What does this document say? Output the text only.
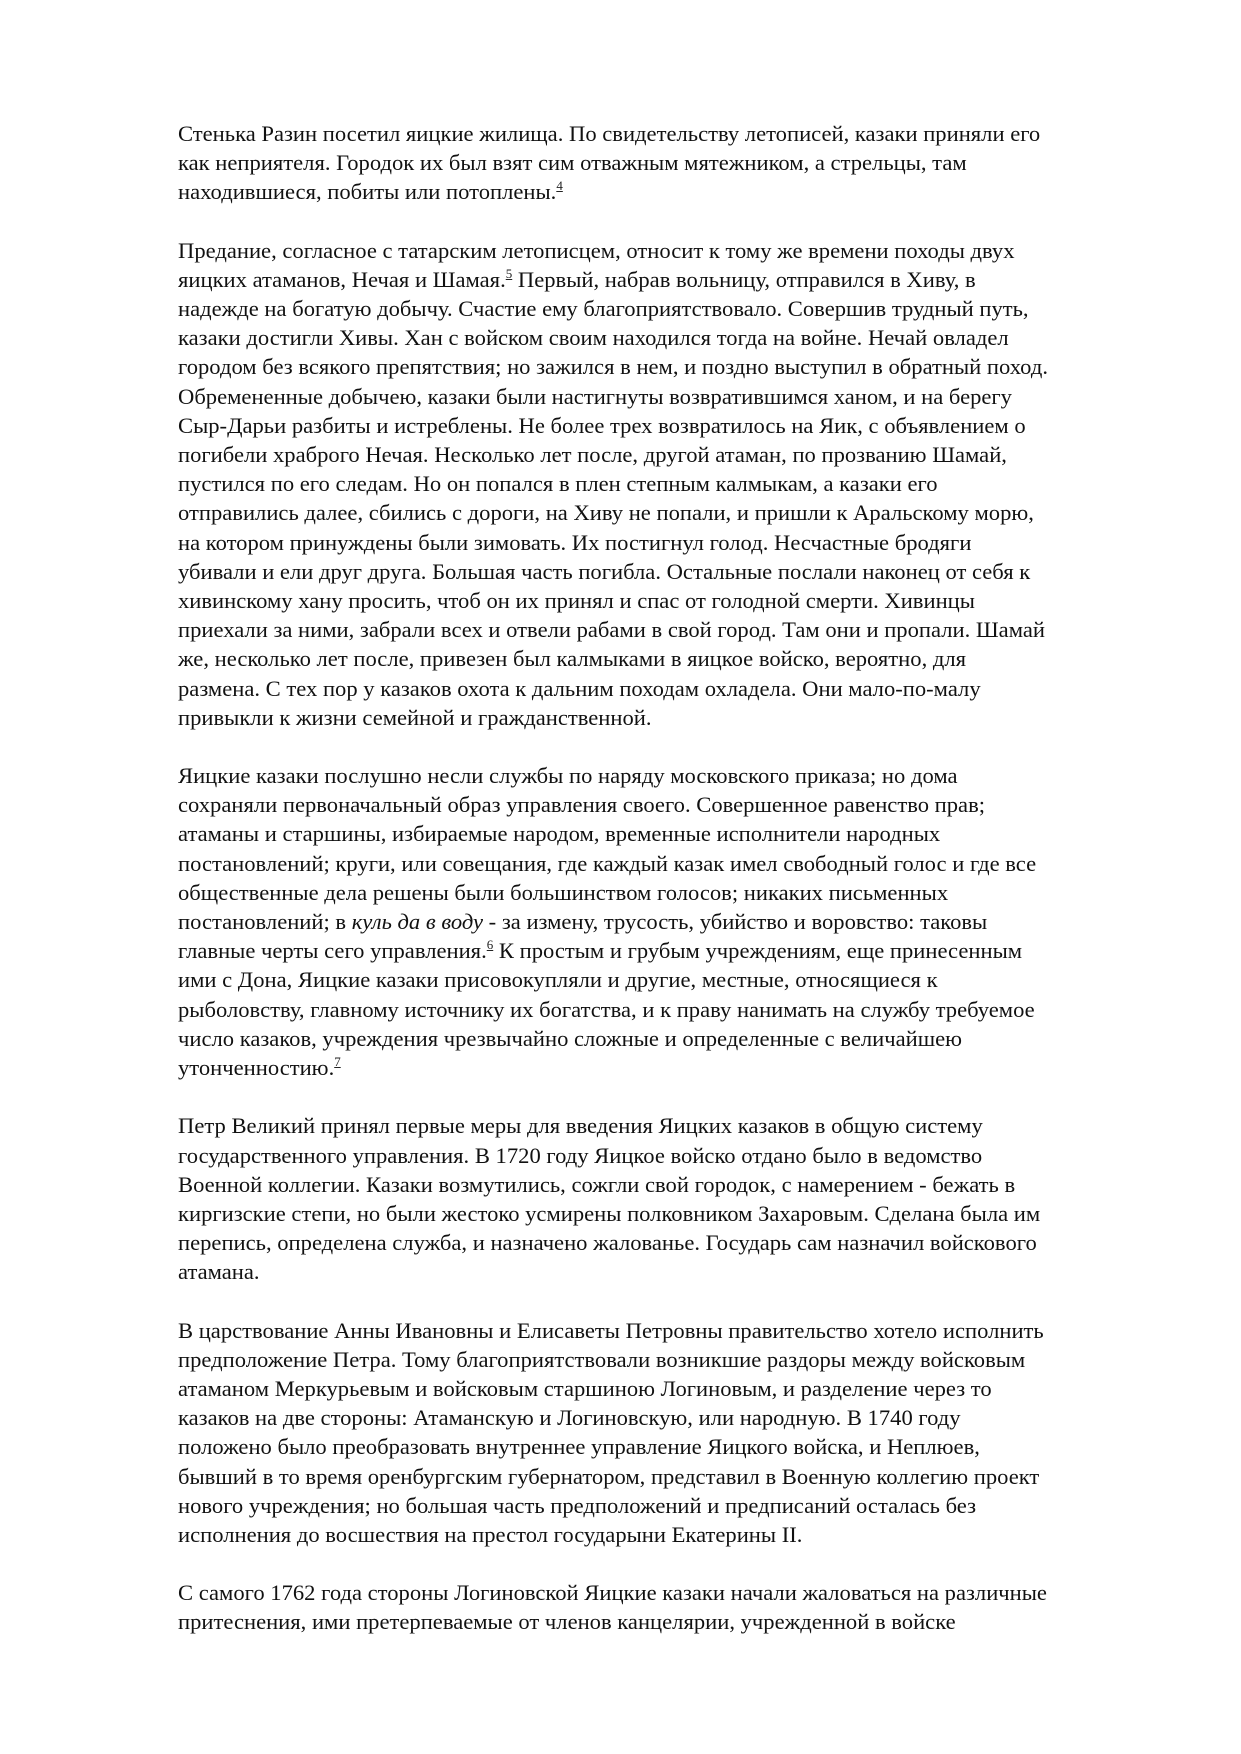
Стенька Разин посетил яицкие жилища. По свидетельству летописей, казаки приняли его
как неприятеля. Городок их был взят сим отважным мятежником, а стрельцы, там
находившиеся, побиты или потоплены.$^4$

Предание, согласное с татарским летописцем, относит к тому же времени походы двух
яицких атаманов, Нечая и Шамая.$^5$ Первый, набрав вольницу, отправился в Хиву, в
надежде на богатую добычу. Счастие ему благоприятствовало. Совершив трудный путь,
казаки достигли Хивы. Хан с войском своим находился тогда на войне. Нечай овладел
городом без всякого препятствия; но зажился в нем, и поздно выступил в обратный поход.
Обремененные добычею, казаки были настигнуты возвратившимся ханом, и на берегу
Сыр-Дарьи разбиты и истреблены. Не более трех возвратилось на Яик, с объявлением о
погибели храброго Нечая. Несколько лет после, другой атаман, по прозванию Шамай,
пустился по его следам. Но он попался в плен степным калмыкам, а казаки его
отправились далее, сбились с дороги, на Хиву не попали, и пришли к Аральскому морю,
на котором принуждены были зимовать. Их постигнул голод. Несчастные бродяги
убивали и ели друг друга. Большая часть погибла. Остальные послали наконец от себя к
хивинскому хану просить, чтоб он их принял и спас от голодной смерти. Хивинцы
приехали за ними, забрали всех и отвели рабами в свой город. Там они и пропали. Шамай
же, несколько лет после, привезен был калмыками в яицкое войско, вероятно, для
размена. С тех пор у казаков охота к дальним походам охладела. Они мало-по-малу
привыкли к жизни семейной и гражданственной.

Яицкие казаки послушно несли службы по наряду московского приказа; но дома
сохраняли первоначальный образ управления своего. Совершенное равенство прав;
атаманы и старшины, избираемые народом, временные исполнители народных
постановлений; круги, или совещания, где каждый казак имел свободный голос и где все
общественные дела решены были большинством голосов; никаких письменных
постановлений; в куль да в воду - за измену, трусость, убийство и воровство: таковы
главные черты сего управления.$^6$ К простым и грубым учреждениям, еще принесенным
ими с Дона, Яицкие казаки присовокупляли и другие, местные, относящиеся к
рыболовству, главному источнику их богатства, и к праву нанимать на службу требуемое
число казаков, учреждения чрезвычайно сложные и определенные с величайшею
утонченностию.$^7$

Петр Великий принял первые меры для введения Яицких казаков в общую систему
государственного управления. В 1720 году Яицкое войско отдано было в ведомство
Военной коллегии. Казаки возмутились, сожгли свой городок, с намерением - бежать в
киргизские степи, но были жестоко усмирены полковником Захаровым. Сделана была им
перепись, определена служба, и назначено жалованье. Государь сам назначил войскового
атамана.

В царствование Анны Ивановны и Елисаветы Петровны правительство хотело исполнить
предположение Петра. Тому благоприятствовали возникшие раздоры между войсковым
атаманом Меркурьевым и войсковым старшиною Логиновым, и разделение через то
казаков на две стороны: Атаманскую и Логиновскую, или народную. В 1740 году
положено было преобразовать внутреннее управление Яицкого войска, и Неплюев,
бывший в то время оренбургским губернатором, представил в Военную коллегию проект
нового учреждения; но большая часть предположений и предписаний осталась без
исполнения до восшествия на престол государыни Екатерины II.

С самого 1762 года стороны Логиновской Яицкие казаки начали жаловаться на различные
притеснения, ими претерпеваемые от членов канцелярии, учрежденной в войске
